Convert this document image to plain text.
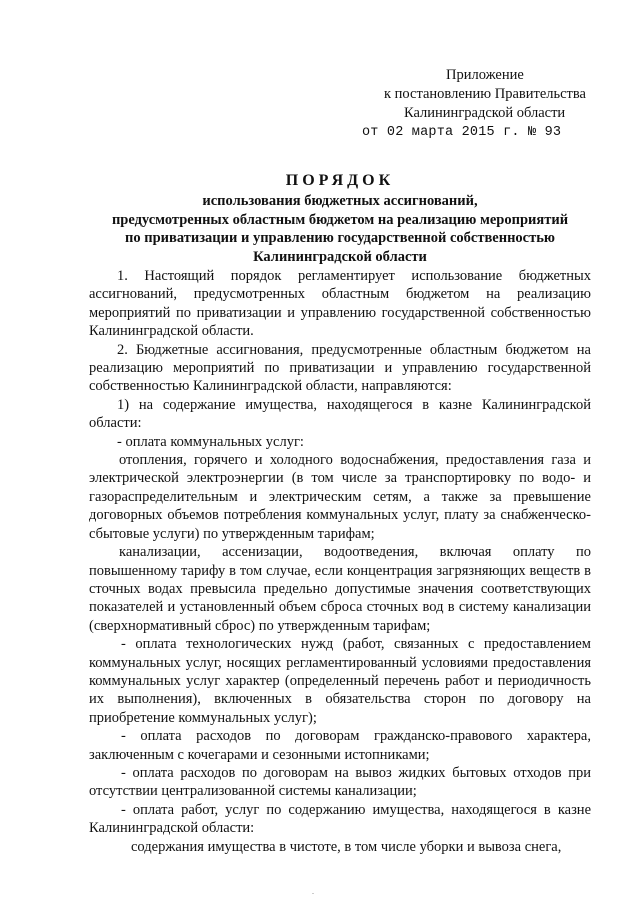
Приложение
к постановлению Правительства
Калининградской области
от 02 марта 2015 г. № 93
ПОРЯДОК
использования бюджетных ассигнований,
предусмотренных областным бюджетом на реализацию мероприятий
по приватизации и управлению государственной собственностью
Калининградской области

1. Настоящий порядок регламентирует использование бюджетных ассигнований, предусмотренных областным бюджетом на реализацию мероприятий по приватизации и управлению государственной собственностью Калининградской области.

2. Бюджетные ассигнования, предусмотренные областным бюджетом на реализацию мероприятий по приватизации и управлению государственной собственностью Калининградской области, направляются:

1) на содержание имущества, находящегося в казне Калининградской области:

- оплата коммунальных услуг:

отопления, горячего и холодного водоснабжения, предоставления газа и электрической электроэнергии (в том числе за транспортировку по водо- и газораспределительным и электрическим сетям, а также за превышение договорных объемов потребления коммунальных услуг, плату за снабженческо-сбытовые услуги) по утвержденным тарифам;

канализации, ассенизации, водоотведения, включая оплату по повышенному тарифу в том случае, если концентрация загрязняющих веществ в сточных водах превысила предельно допустимые значения соответствующих показателей и установленный объем сброса сточных вод в систему канализации (сверхнормативный сброс) по утвержденным тарифам;

- оплата технологических нужд (работ, связанных с предоставлением коммунальных услуг, носящих регламентированный условиями предоставления коммунальных услуг характер (определенный перечень работ и периодичность их выполнения), включенных в обязательства сторон по договору на приобретение коммунальных услуг);

- оплата расходов по договорам гражданско-правового характера, заключенным с кочегарами и сезонными истопниками;

- оплата расходов по договорам на вывоз жидких бытовых отходов при отсутствии централизованной системы канализации;

- оплата работ, услуг по содержанию имущества, находящегося в казне Калининградской области:

содержания имущества в чистоте, в том числе уборки и вывоза снега,
